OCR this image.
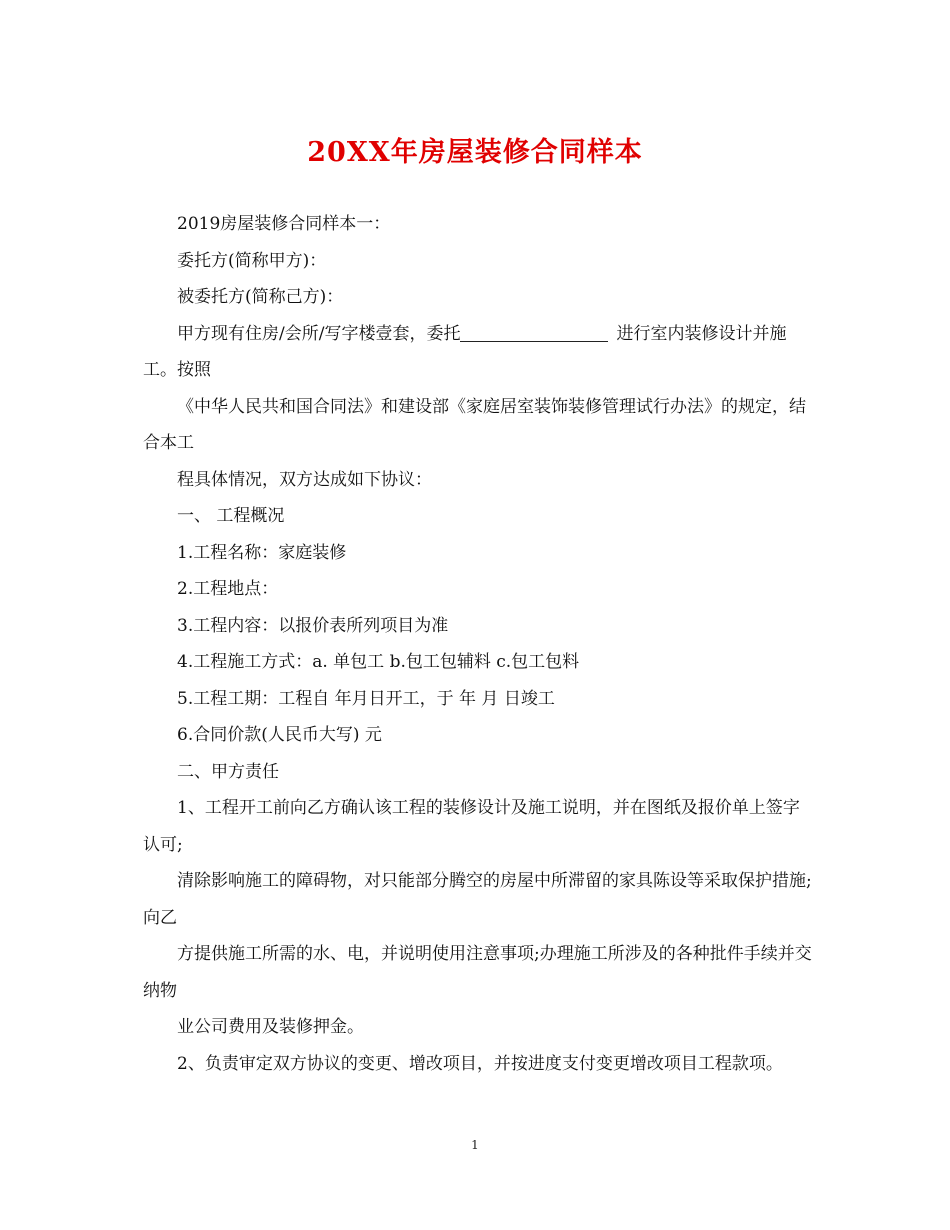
20XX年房屋装修合同样本

2019房屋装修合同样本一：

委托方(简称甲方)：

被委托方(简称己方)：

甲方现有住房/会所/写字楼壹套，委托	进行室内装修设计并施工。按照

《中华人民共和国合同法》和建设部《家庭居室装饰装修管理试行办法》的规定，结合本工

程具体情况，双方达成如下协议：

一、 工程概况

1.工程名称：家庭装修

2.工程地点：

3.工程内容：以报价表所列项目为准

4.工程施工方式：a. 单包工 b.包工包辅料 c.包工包料

5.工程工期：工程自 年月日开工，于 年 月 日竣工

6.合同价款(人民币大写) 元

二、甲方责任

1、工程开工前向乙方确认该工程的装修设计及施工说明，并在图纸及报价单上签字认可;

清除影响施工的障碍物，对只能部分腾空的房屋中所滞留的家具陈设等采取保护措施;向乙

方提供施工所需的水、电，并说明使用注意事项;办理施工所涉及的各种批件手续并交纳物

业公司费用及装修押金。

2、负责审定双方协议的变更、增改项目，并按进度支付变更增改项目工程款项。

1
